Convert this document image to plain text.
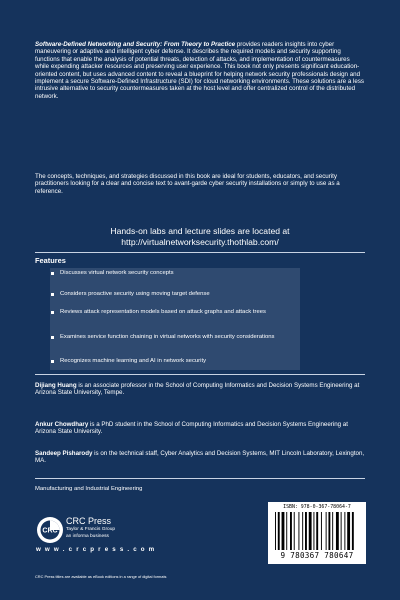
Software-Defined Networking and Security: From Theory to Practice provides readers insights into cyber maneuvering or adaptive and intelligent cyber defense. It describes the required models and security supporting functions that enable the analysis of potential threats, detection of attacks, and implementation of countermeasures while expending attacker resources and preserving user experience. This book not only presents significant education-oriented content, but uses advanced content to reveal a blueprint for helping network security professionals design and implement a secure Software-Defined Infrastructure (SDI) for cloud networking environments. These solutions are a less intrusive alternative to security countermeasures taken at the host level and offer centralized control of the distributed network.
The concepts, techniques, and strategies discussed in this book are ideal for students, educators, and security practitioners looking for a clear and concise text to avant-garde cyber security installations or simply to use as a reference.
Hands-on labs and lecture slides are located at
http://virtualnetworksecurity.thothlab.com/
Features
Discusses virtual network security concepts
Considers proactive security using moving target defense
Reviews attack representation models based on attack graphs and attack trees
Examines service function chaining in virtual networks with security considerations
Recognizes machine learning and AI in network security
Dijiang Huang is an associate professor in the School of Computing Informatics and Decision Systems Engineering at Arizona State University, Tempe.
Ankur Chowdhary is a PhD student in the School of Computing Informatics and Decision Systems Engineering at Arizona State University.
Sandeep Pisharody is on the technical staff, Cyber Analytics and Decision Systems, MIT Lincoln Laboratory, Lexington, MA.
Manufacturing and Industrial Engineering
CRC
CRC Press
Taylor & Francis Group
an informa business
w w w . c r c p r e s s . c o m
CRC Press titles are available as eBook editions in a range of digital formats
ISBN: 978-0-367-78064-7
9 780367 780647
